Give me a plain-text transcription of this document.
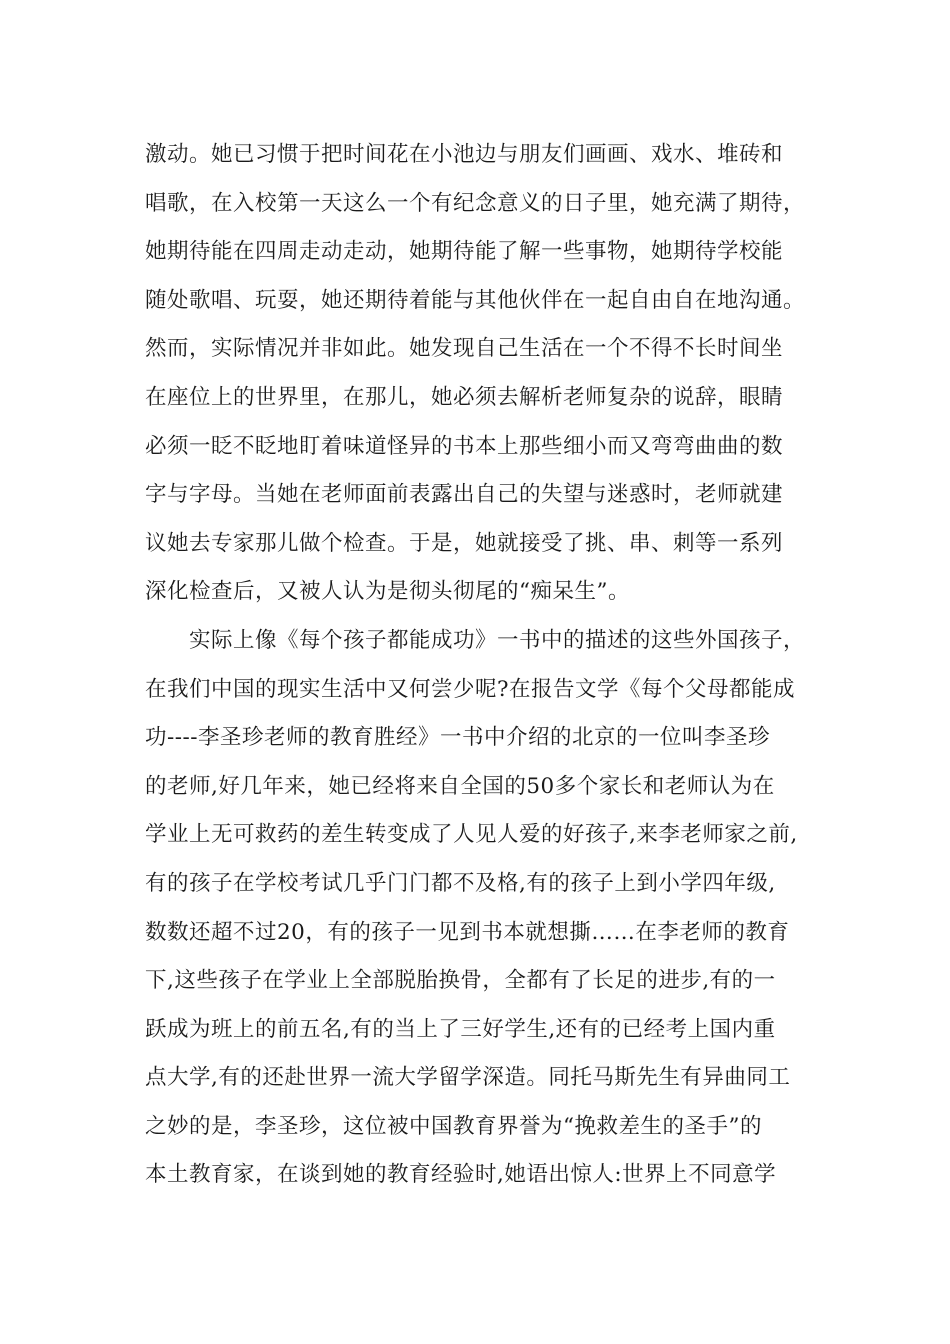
激动。她已习惯于把时间花在小池边与朋友们画画、戏水、堆砖和
唱歌，在入校第一天这么一个有纪念意义的日子里，她充满了期待，
她期待能在四周走动走动，她期待能了解一些事物，她期待学校能
随处歌唱、玩耍，她还期待着能与其他伙伴在一起自由自在地沟通。
然而，实际情况并非如此。她发现自己生活在一个不得不长时间坐
在座位上的世界里，在那儿，她必须去解析老师复杂的说辞，眼睛
必须一眨不眨地盯着味道怪异的书本上那些细小而又弯弯曲曲的数
字与字母。当她在老师面前表露出自己的失望与迷惑时，老师就建
议她去专家那儿做个检查。于是，她就接受了挑、串、刺等一系列
深化检查后，又被人认为是彻头彻尾的“痴呆生”。
实际上像《每个孩子都能成功》一书中的描述的这些外国孩子，
在我们中国的现实生活中又何尝少呢?在报告文学《每个父母都能成
功----李圣珍老师的教育胜经》一书中介绍的北京的一位叫李圣珍
的老师,好几年来，她已经将来自全国的50多个家长和老师认为在
学业上无可救药的差生转变成了人见人爱的好孩子,来李老师家之前,
有的孩子在学校考试几乎门门都不及格,有的孩子上到小学四年级,
数数还超不过20，有的孩子一见到书本就想撕……在李老师的教育
下,这些孩子在学业上全部脱胎换骨，全都有了长足的进步,有的一
跃成为班上的前五名,有的当上了三好学生,还有的已经考上国内重
点大学,有的还赴世界一流大学留学深造。同托马斯先生有异曲同工
之妙的是，李圣珍，这位被中国教育界誉为“挽救差生的圣手”的
本土教育家，在谈到她的教育经验时,她语出惊人:世界上不同意学
